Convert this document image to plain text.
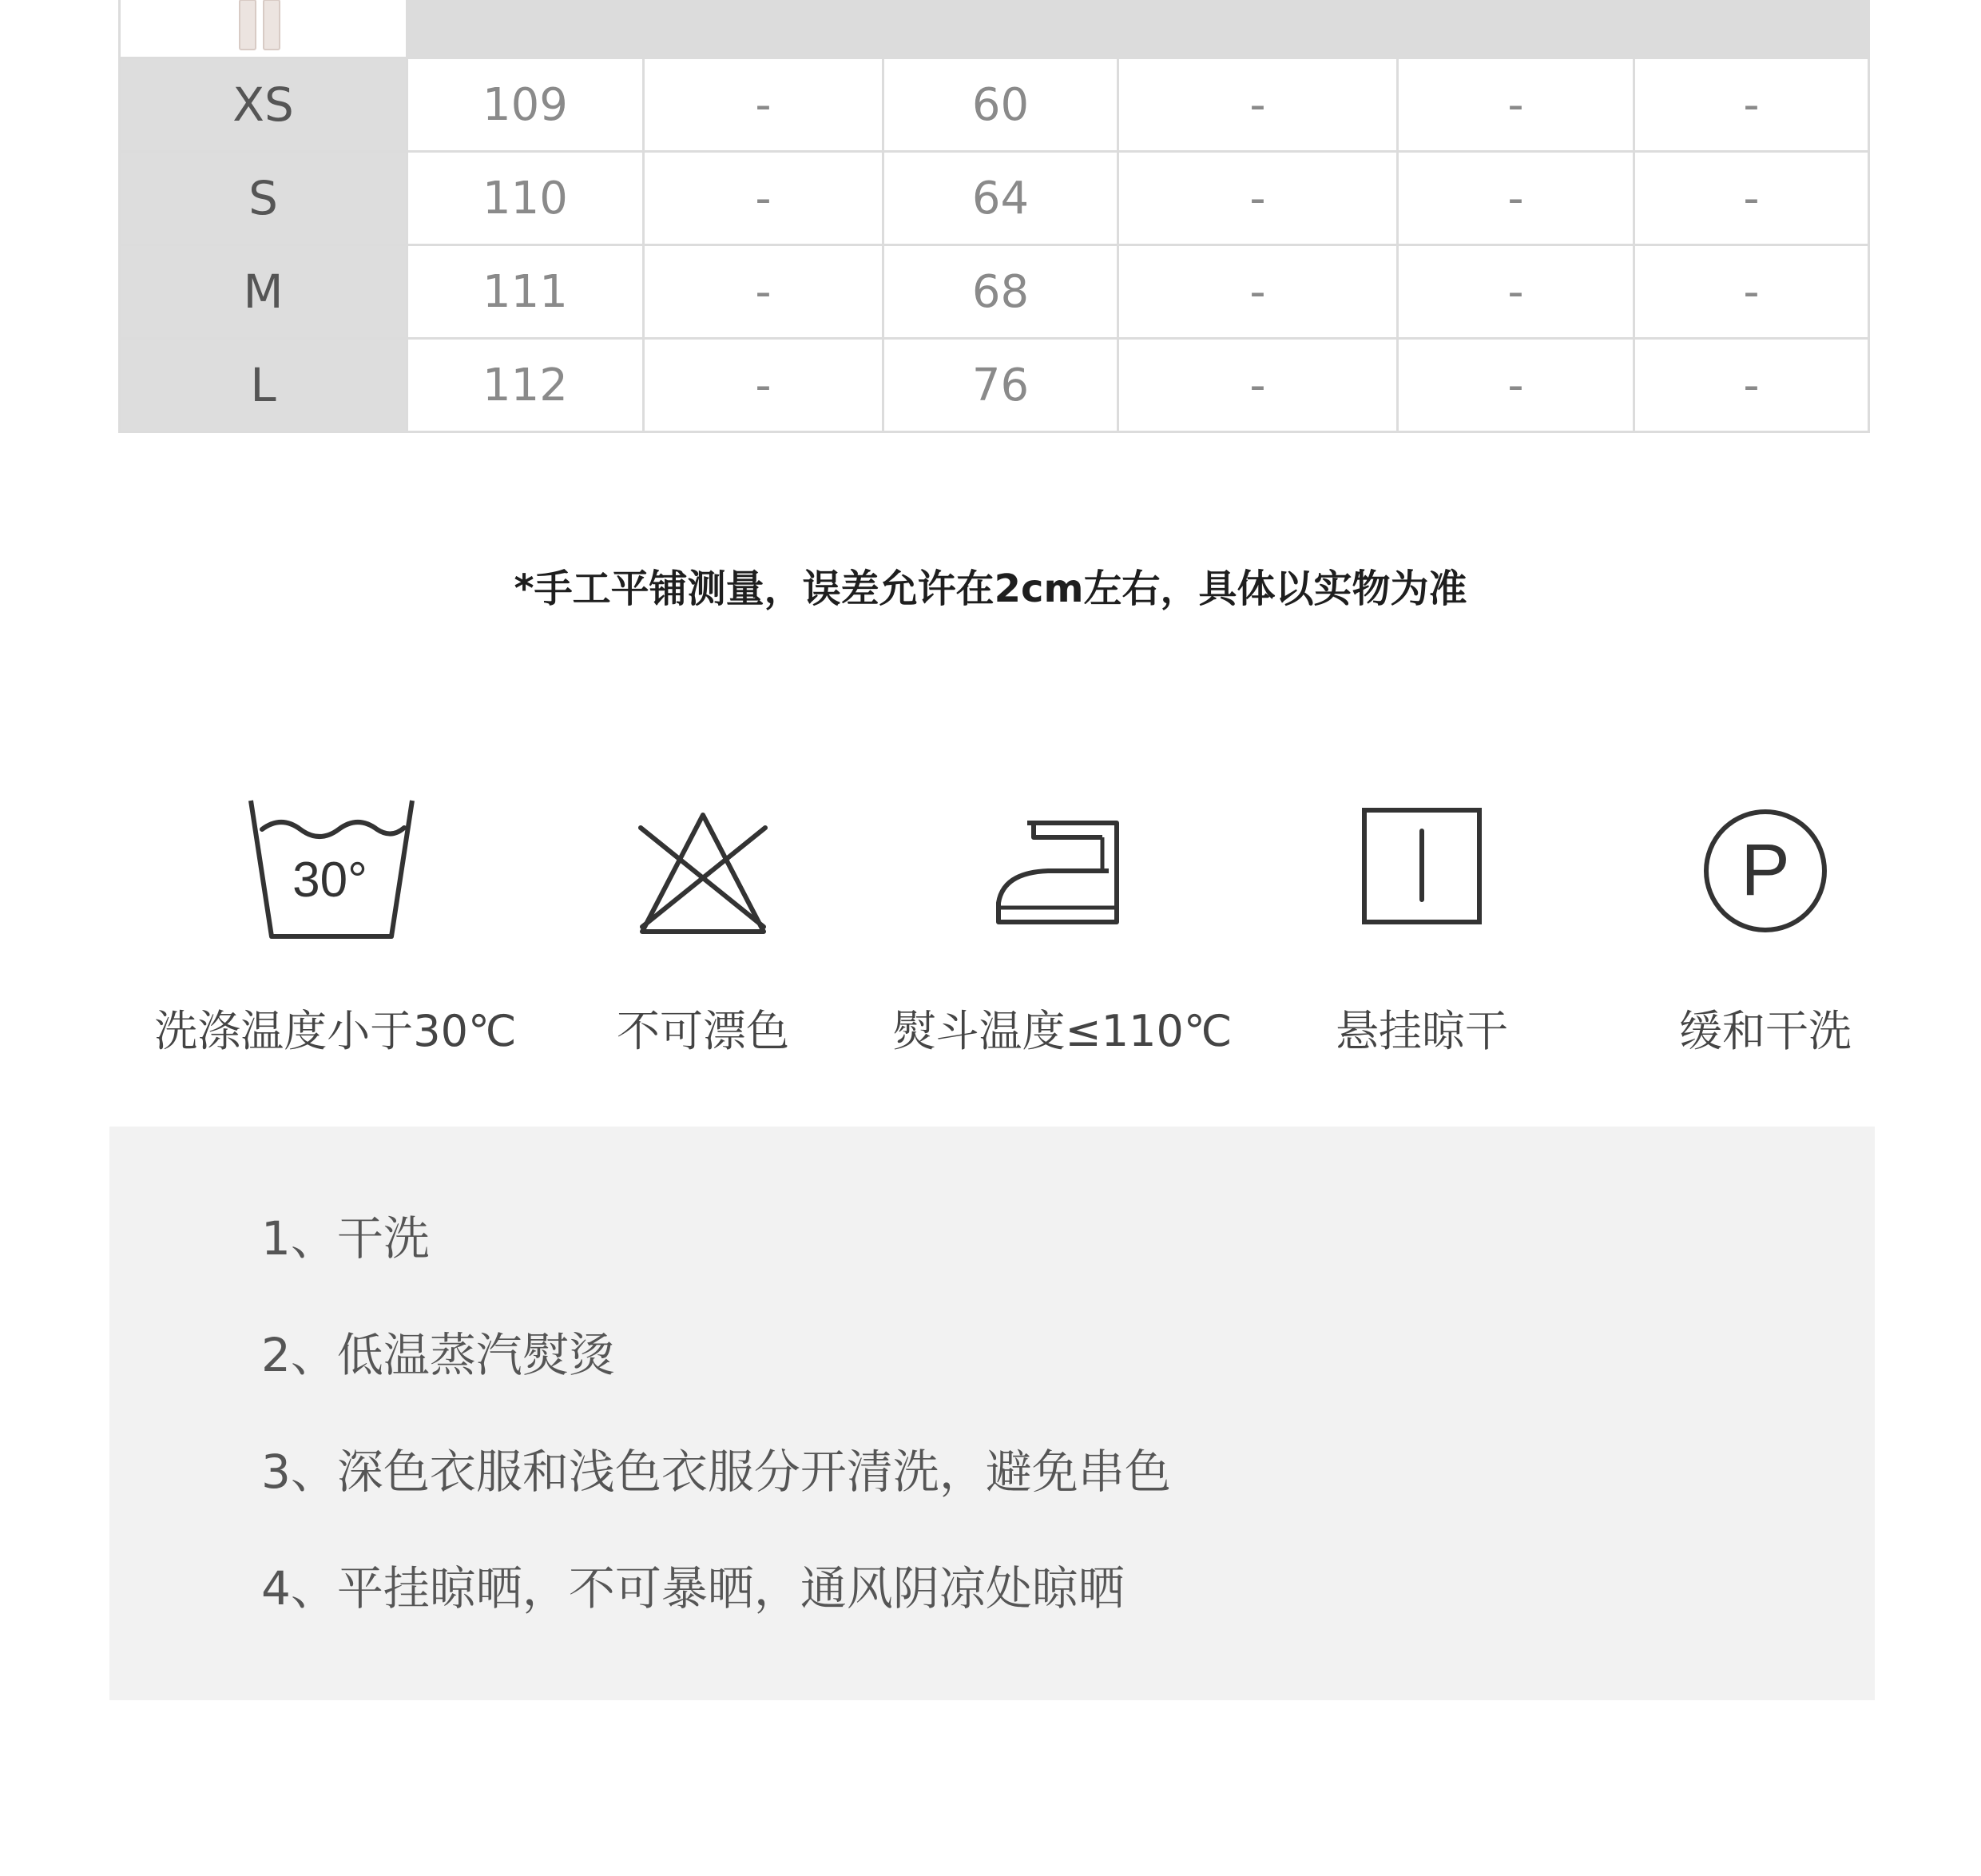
XS	109	-	60	-	-	-
S	110	-	64	-	-	-
M	111	-	68	-	-	-
L	112	-	76	-	-	-

*手工平铺测量，误差允许在2cm左右，具体以实物为准

30°
洗涤温度小于30℃	不可漂色	熨斗温度≤110℃	悬挂晾干
P
缓和干洗
1、干洗
2、低温蒸汽熨烫
3、深色衣服和浅色衣服分开清洗，避免串色
4、平挂晾晒，不可暴晒，通风阴凉处晾晒
